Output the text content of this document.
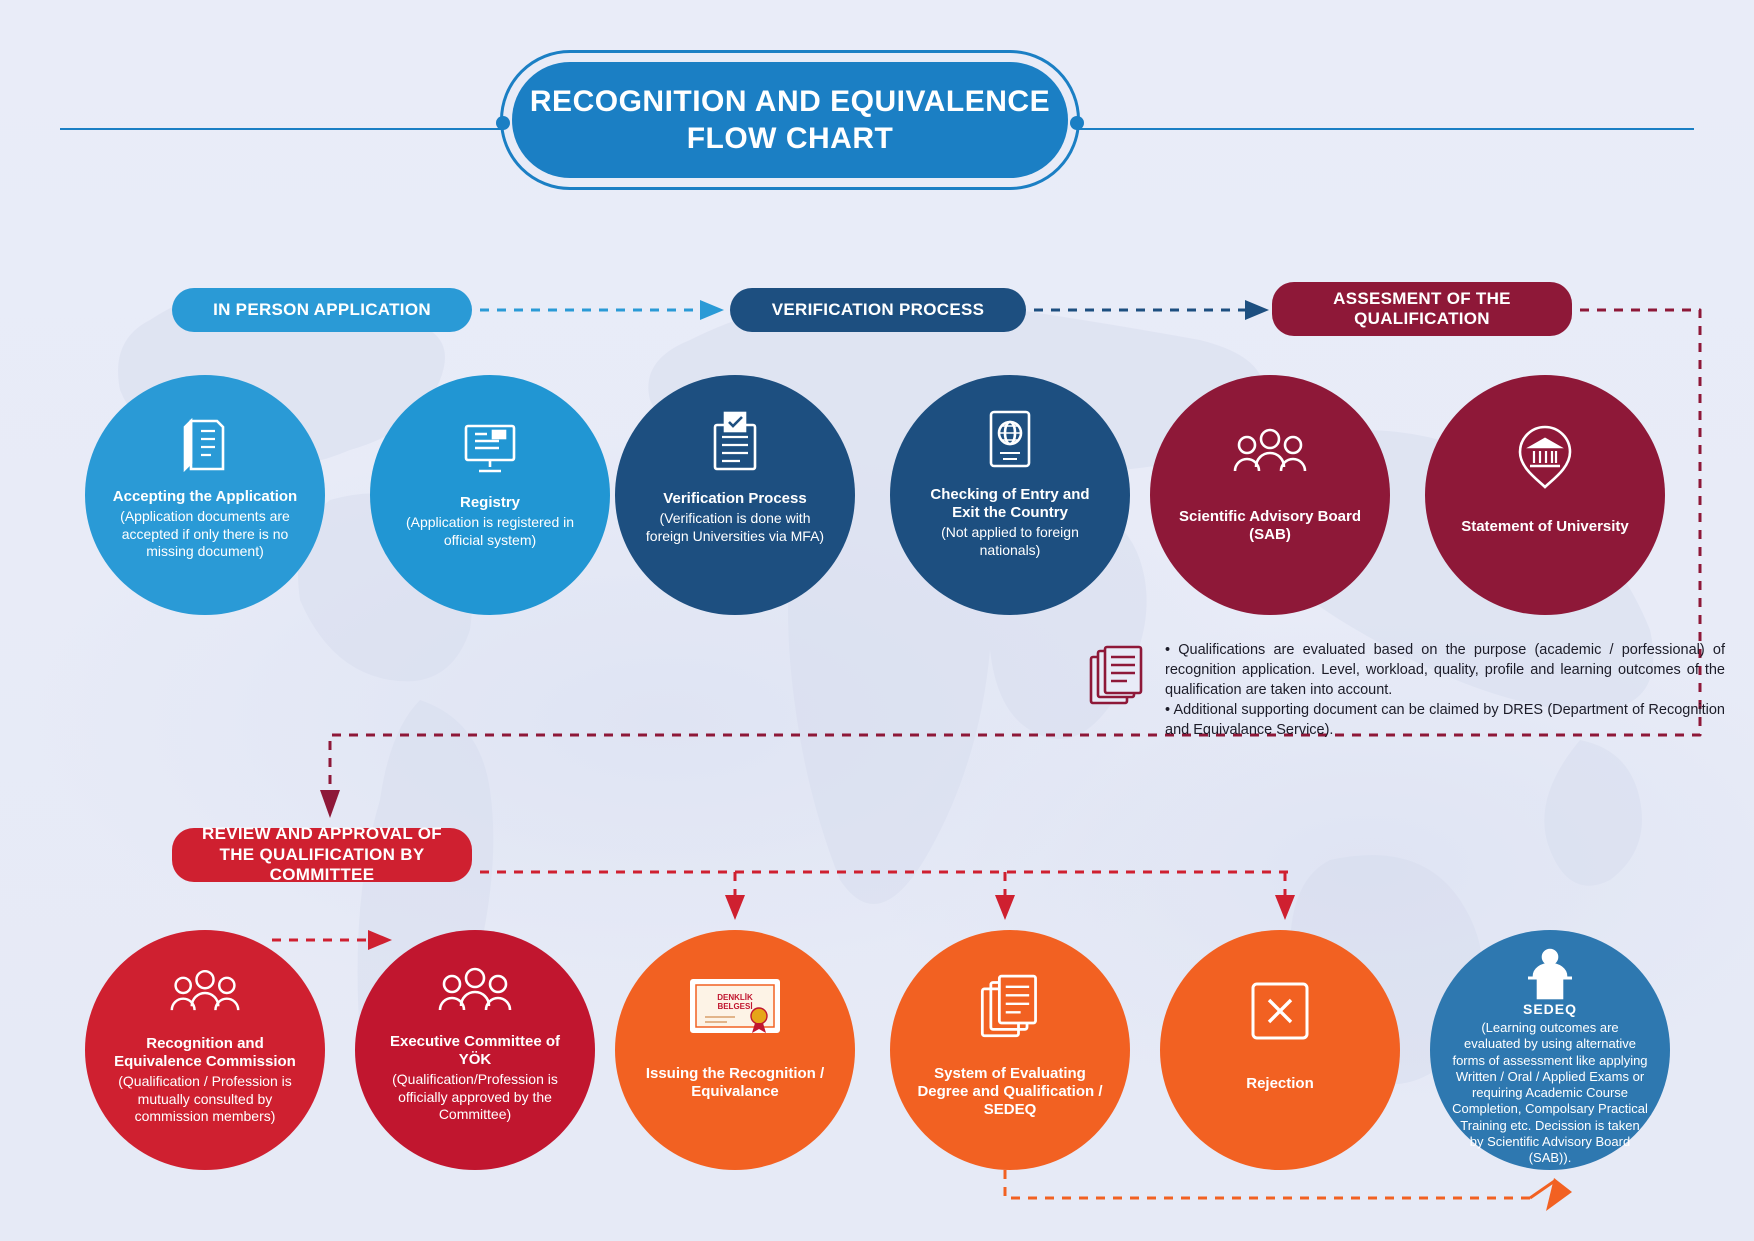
RECOGNITION AND EQUIVALENCE
FLOW CHART
IN PERSON APPLICATION	VERIFICATION PROCESS
ASSESMENT OF THE QUALIFICATION
REVIEW AND APPROVAL OF THE QUALIFICATION BY COMMITTEE
Accepting the Application
(Application documents are accepted if only there is no missing document)
Registry
(Application is registered in official system)
Verification Process
(Verification is done with foreign Universities via MFA)
Checking of Entry and Exit the Country
(Not applied to foreign nationals)
Scientific Advisory Board (SAB)	Statement of University
• Qualifications are evaluated based on the purpose (academic / porfessional) of recognition application. Level, workload, quality, profile and learning outcomes of the qualification are taken into account.
• Additional supporting document can be claimed by DRES (Department of Recognition and Equivalance Service).
Recognition and Equivalence Commission
(Qualification / Profession is mutually consulted by commission members)
Executive Committee of YÖK
(Qualification/Profession is officially approved by the Committee)
DENKLİK
BELGESİ
Issuing the Recognition / Equivalance
System of Evaluating Degree and Qualification / SEDEQ
Rejection
SEDEQ
(Learning outcomes are evaluated by using alternative forms of assessment like applying Written / Oral / Applied Exams or requiring Academic Course Completion, Compolsary Practical Training etc. Decission is taken by Scientific Advisory Board (SAB)).
